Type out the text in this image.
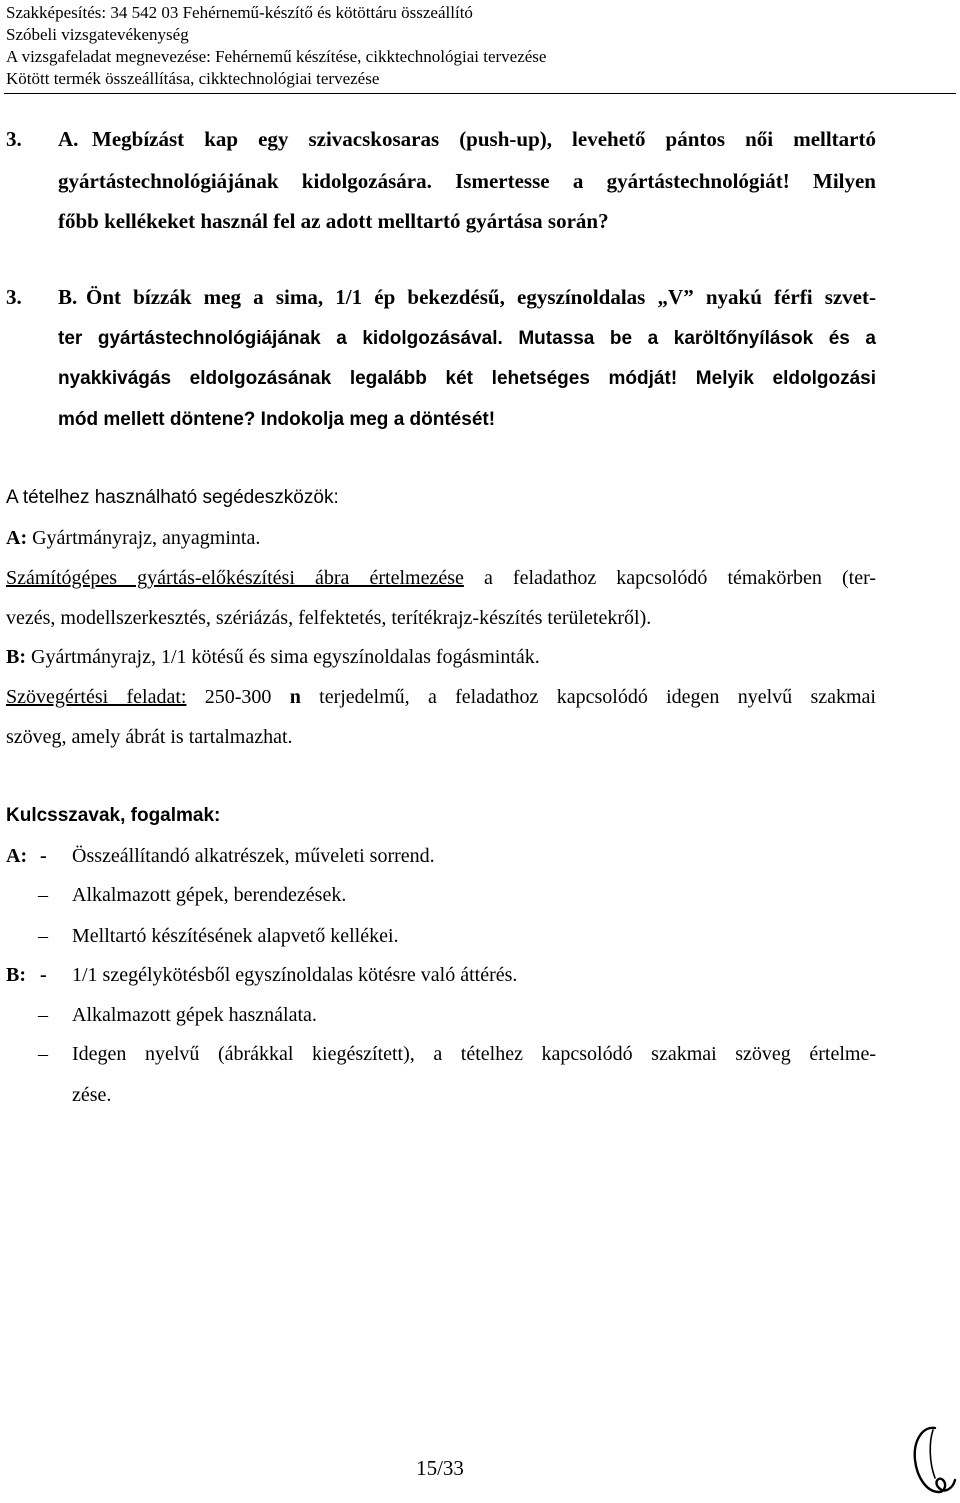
Szakképesítés: 34 542 03 Fehérnemű-készítő és kötöttáru összeállító
Szóbeli vizsgatevékenység
A vizsgafeladat megnevezése: Fehérnemű készítése, cikktechnológiai tervezése
Kötött termék összeállítása, cikktechnológiai tervezése
3. A. Megbízást kap egy szivacskosaras (push-up), levehető pántos női melltartó
gyártástechnológiájának kidolgozására. Ismertesse a gyártástechnológiát! Milyen
főbb kellékeket használ fel az adott melltartó gyártása során?
3. B. Önt bízzák meg a sima, 1/1 ép bekezdésű, egyszínoldalas „V” nyakú férfi szvet-
ter gyártástechnológiájának a kidolgozásával. Mutassa be a karöltőnyílások és a
nyakkivágás eldolgozásának legalább két lehetséges módját! Melyik eldolgozási
mód mellett döntene? Indokolja meg a döntését!
A tételhez használható segédeszközök:
A: Gyártmányrajz, anyagminta.
Számítógépes gyártás-előkészítési ábra értelmezése a feladathoz kapcsolódó témakörben (ter-
vezés, modellszerkesztés, szériázás, felfektetés, terítékrajz-készítés területekről).
B: Gyártmányrajz, 1/1 kötésű és sima egyszínoldalas fogásminták.
Szövegértési feladat: 250-300 n terjedelmű, a feladathoz kapcsolódó idegen nyelvű szakmai
szöveg, amely ábrát is tartalmazhat.
Kulcsszavak, fogalmak:
A: - Összeállítandó alkatrészek, műveleti sorrend.
– Alkalmazott gépek, berendezések.
– Melltartó készítésének alapvető kellékei.
B: - 1/1 szegélykötésből egyszínoldalas kötésre való áttérés.
– Alkalmazott gépek használata.
– Idegen nyelvű (ábrákkal kiegészített), a tételhez kapcsolódó szakmai szöveg értelme-
zése.
15/33
